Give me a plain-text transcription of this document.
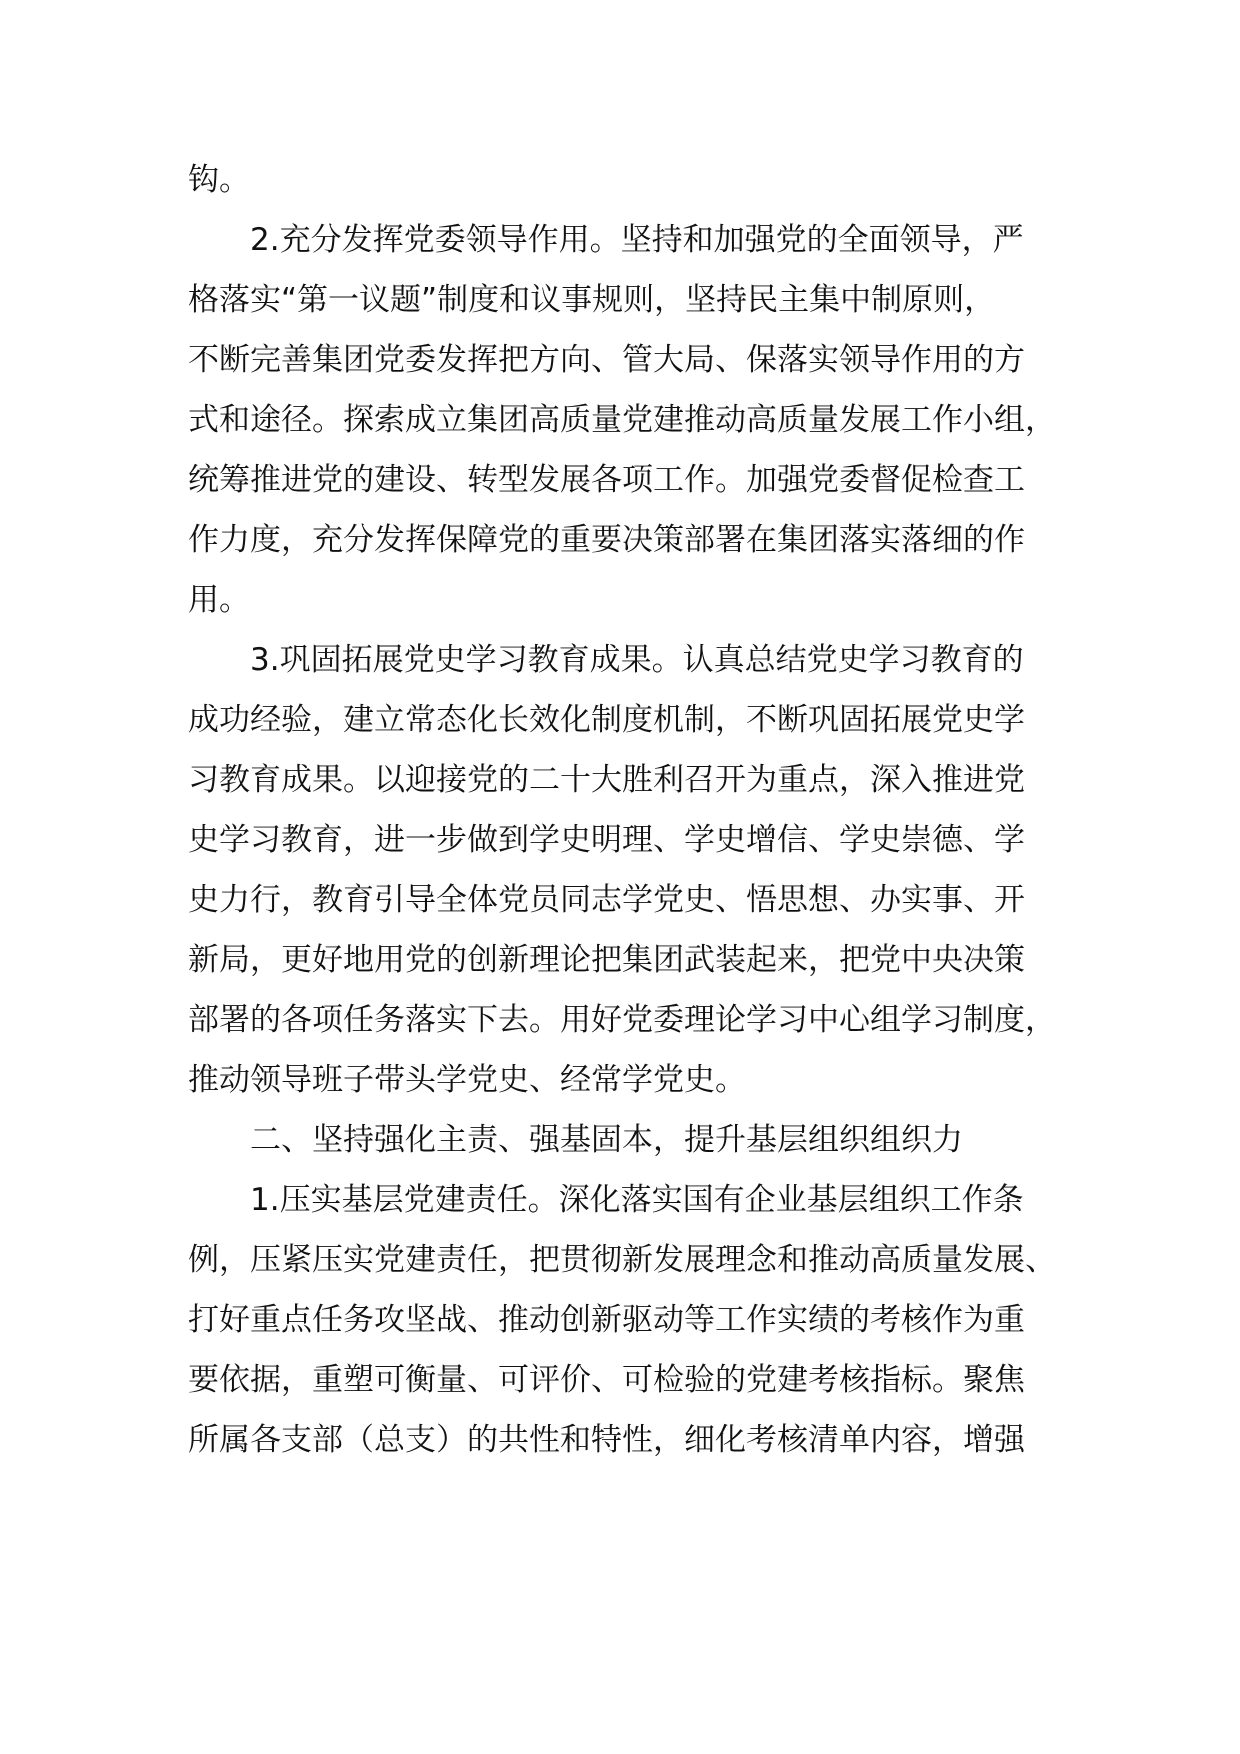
钩。
2.充分发挥党委领导作用。坚持和加强党的全面领导，严
格落实“第一议题”制度和议事规则，坚持民主集中制原则，
不断完善集团党委发挥把方向、管大局、保落实领导作用的方
式和途径。探索成立集团高质量党建推动高质量发展工作小组，
统筹推进党的建设、转型发展各项工作。加强党委督促检查工
作力度，充分发挥保障党的重要决策部署在集团落实落细的作
用。
3.巩固拓展党史学习教育成果。认真总结党史学习教育的
成功经验，建立常态化长效化制度机制，不断巩固拓展党史学
习教育成果。以迎接党的二十大胜利召开为重点，深入推进党
史学习教育，进一步做到学史明理、学史增信、学史崇德、学
史力行，教育引导全体党员同志学党史、悟思想、办实事、开
新局，更好地用党的创新理论把集团武装起来，把党中央决策
部署的各项任务落实下去。用好党委理论学习中心组学习制度，
推动领导班子带头学党史、经常学党史。
二、坚持强化主责、强基固本，提升基层组织组织力
1.压实基层党建责任。深化落实国有企业基层组织工作条
例，压紧压实党建责任，把贯彻新发展理念和推动高质量发展、
打好重点任务攻坚战、推动创新驱动等工作实绩的考核作为重
要依据，重塑可衡量、可评价、可检验的党建考核指标。聚焦
所属各支部（总支）的共性和特性，细化考核清单内容，增强
